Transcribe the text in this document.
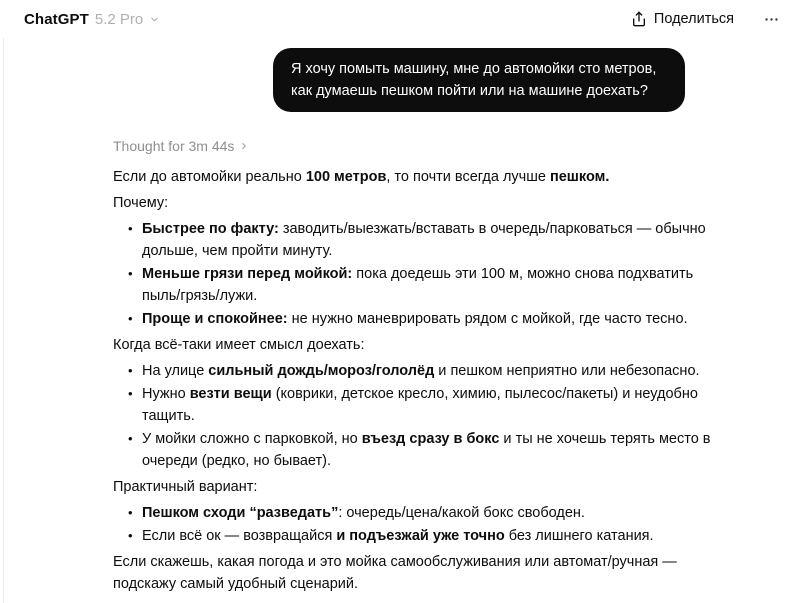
ChatGPT 5.2 Pro	Поделиться
Я хочу помыть машину, мне до автомойки сто метров, как думаешь пешком пойти или на машине доехать?
Thought for 3m 44s

Если до автомойки реально 100 метров, то почти всегда лучше пешком.

Почему:

• Быстрее по факту: заводить/выезжать/вставать в очередь/парковаться — обычно дольше, чем пройти минуту.
• Меньше грязи перед мойкой: пока доедешь эти 100 м, можно снова подхватить пыль/грязь/лужи.
• Проще и спокойнее: не нужно маневрировать рядом с мойкой, где часто тесно.

Когда всё-таки имеет смысл доехать:

• На улице сильный дождь/мороз/гололёд и пешком неприятно или небезопасно.
• Нужно везти вещи (коврики, детское кресло, химию, пылесос/пакеты) и неудобно тащить.
• У мойки сложно с парковкой, но въезд сразу в бокс и ты не хочешь терять место в очереди (редко, но бывает).

Практичный вариант:

• Пешком сходи “разведать”: очередь/цена/какой бокс свободен.
• Если всё ок — возвращайся и подъезжай уже точно без лишнего катания.

Если скажешь, какая погода и это мойка самообслуживания или автомат/ручная — подскажу самый удобный сценарий.
